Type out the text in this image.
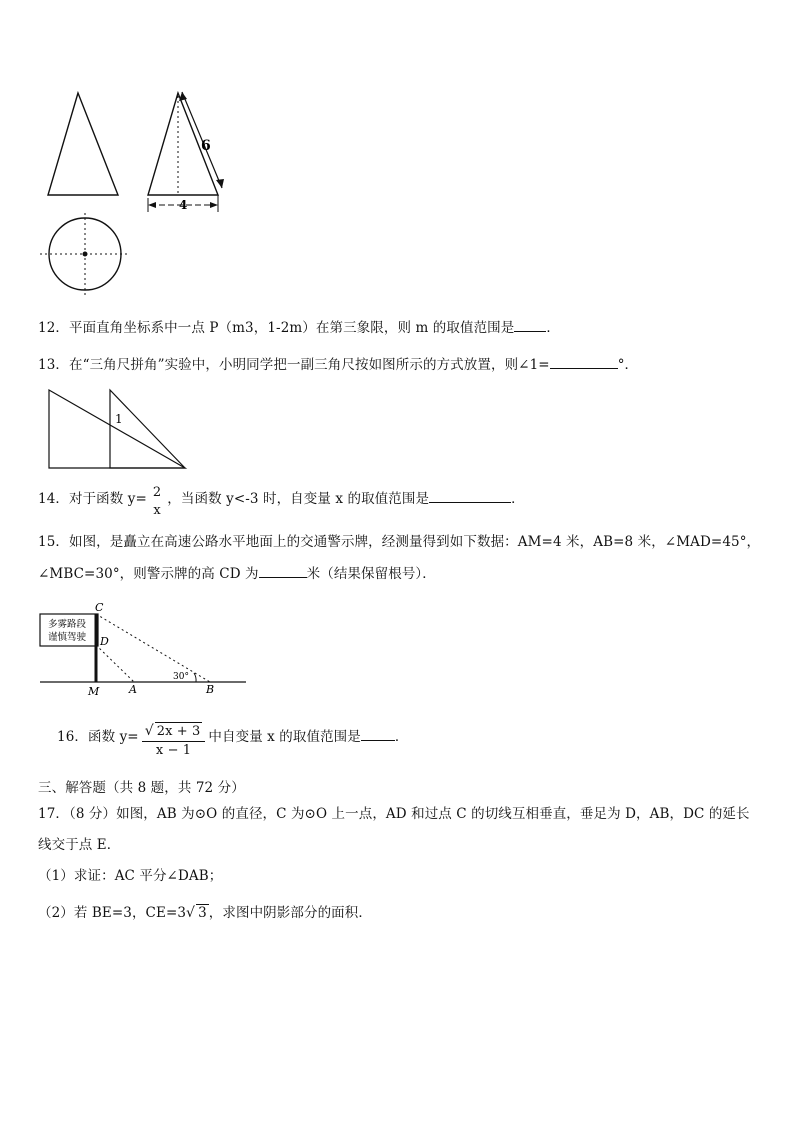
6
4
12．平面直角坐标系中一点 P（m3，1-2m）在第三象限，则 m 的取值范围是 ．
13．在“三角尺拼角”实验中，小明同学把一副三角尺按如图所示的方式放置，则∠1=	°．
1
14．对于函数 y= 2
x
，当函数 y<-3 时，自变量 x 的取值范围是	．
15．如图，是矗立在高速公路水平地面上的交通警示牌，经测量得到如下数据：AM=4 米，AB=8 米，∠MAD=45°，
∠MBC=30°，则警示牌的高 CD 为	米（结果保留根号）．
多雾路段
谨慎驾驶
C
D
M	A	B
30°
16．函数 $y= \frac{√ 2x + 3}{x - 1}$ 中自变量 x 的取值范围是	．
三、解答题（共 8 题，共 72 分）
17．（8 分）如图，AB 为⊙O 的直径，C 为⊙O 上一点，AD 和过点 C 的切线互相垂直，垂足为 D，AB，DC 的延长
线交于点 E．
（1）求证：AC 平分∠DAB；
（2）若 BE=3，CE=3√ 3 ，求图中阴影部分的面积．
